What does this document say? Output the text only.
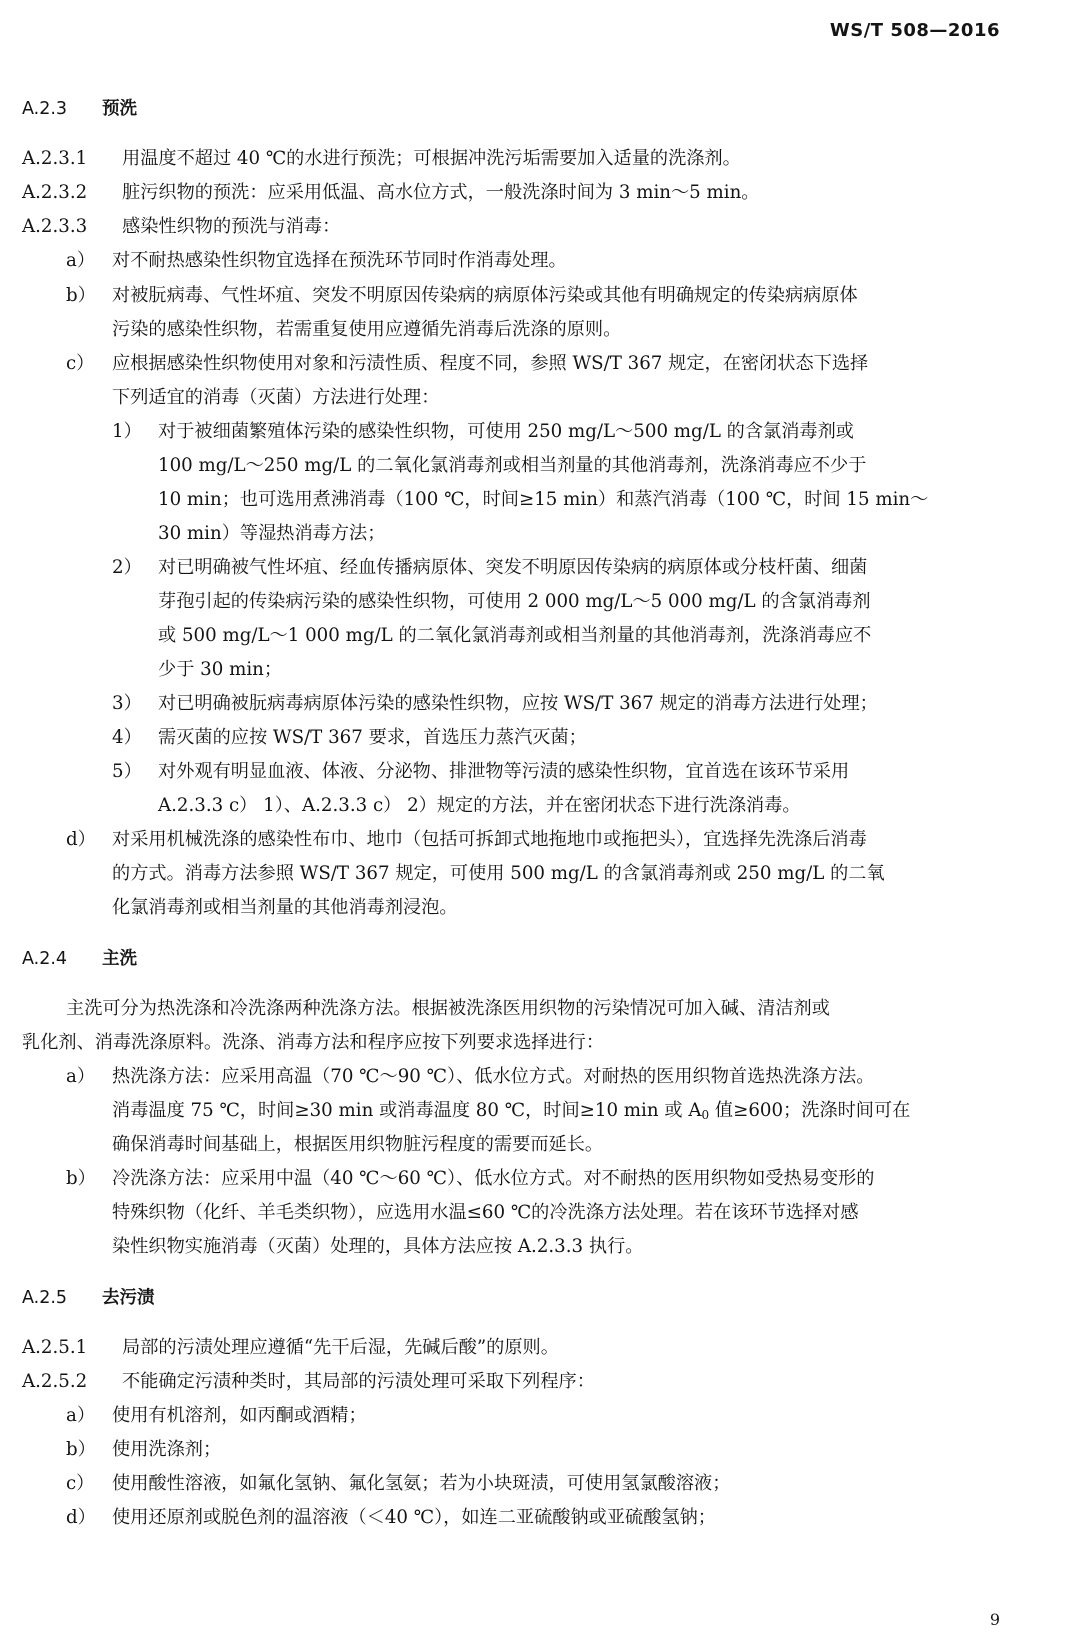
WS/T 508—2016
A.2.3 预洗
A.2.3.1 用温度不超过 40 ℃的水进行预洗；可根据冲洗污垢需要加入适量的洗涤剂。
A.2.3.2 脏污织物的预洗：应采用低温、高水位方式，一般洗涤时间为 3 min～5 min。
A.2.3.3 感染性织物的预洗与消毒：
a） 对不耐热感染性织物宜选择在预洗环节同时作消毒处理。
b） 对被朊病毒、气性坏疽、突发不明原因传染病的病原体污染或其他有明确规定的传染病病原体
污染的感染性织物，若需重复使用应遵循先消毒后洗涤的原则。
c） 应根据感染性织物使用对象和污渍性质、程度不同，参照 WS/T 367 规定，在密闭状态下选择
下列适宜的消毒（灭菌）方法进行处理：
1） 对于被细菌繁殖体污染的感染性织物，可使用 250 mg/L～500 mg/L 的含氯消毒剂或
100 mg/L～250 mg/L 的二氧化氯消毒剂或相当剂量的其他消毒剂，洗涤消毒应不少于
10 min；也可选用煮沸消毒（100 ℃，时间≥15 min）和蒸汽消毒（100 ℃，时间 15 min～
30 min）等湿热消毒方法；
2） 对已明确被气性坏疽、经血传播病原体、突发不明原因传染病的病原体或分枝杆菌、细菌
芽孢引起的传染病污染的感染性织物，可使用 2 000 mg/L～5 000 mg/L 的含氯消毒剂
或 500 mg/L～1 000 mg/L 的二氧化氯消毒剂或相当剂量的其他消毒剂，洗涤消毒应不
少于 30 min；
3） 对已明确被朊病毒病原体污染的感染性织物，应按 WS/T 367 规定的消毒方法进行处理；
4） 需灭菌的应按 WS/T 367 要求，首选压力蒸汽灭菌；
5） 对外观有明显血液、体液、分泌物、排泄物等污渍的感染性织物，宜首选在该环节采用
A.2.3.3 c） 1）、A.2.3.3 c） 2）规定的方法，并在密闭状态下进行洗涤消毒。
d） 对采用机械洗涤的感染性布巾、地巾（包括可拆卸式地拖地巾或拖把头），宜选择先洗涤后消毒
的方式。消毒方法参照 WS/T 367 规定，可使用 500 mg/L 的含氯消毒剂或 250 mg/L 的二氧
化氯消毒剂或相当剂量的其他消毒剂浸泡。
A.2.4 主洗
主洗可分为热洗涤和冷洗涤两种洗涤方法。根据被洗涤医用织物的污染情况可加入碱、清洁剂或
乳化剂、消毒洗涤原料。洗涤、消毒方法和程序应按下列要求选择进行：
a） 热洗涤方法：应采用高温（70 ℃～90 ℃）、低水位方式。对耐热的医用织物首选热洗涤方法。
消毒温度 75 ℃，时间≥30 min 或消毒温度 80 ℃，时间≥10 min 或 $A_0$ 值≥600；洗涤时间可在
确保消毒时间基础上，根据医用织物脏污程度的需要而延长。
b） 冷洗涤方法：应采用中温（40 ℃～60 ℃）、低水位方式。对不耐热的医用织物如受热易变形的
特殊织物（化纤、羊毛类织物），应选用水温≤60 ℃的冷洗涤方法处理。若在该环节选择对感
染性织物实施消毒（灭菌）处理的，具体方法应按 A.2.3.3 执行。
A.2.5 去污渍
A.2.5.1 局部的污渍处理应遵循“先干后湿，先碱后酸”的原则。
A.2.5.2 不能确定污渍种类时，其局部的污渍处理可采取下列程序：
a） 使用有机溶剂，如丙酮或酒精；
b） 使用洗涤剂；
c） 使用酸性溶液，如氟化氢钠、氟化氢氨；若为小块斑渍，可使用氢氯酸溶液；
d） 使用还原剂或脱色剂的温溶液（＜40 ℃），如连二亚硫酸钠或亚硫酸氢钠；
9
